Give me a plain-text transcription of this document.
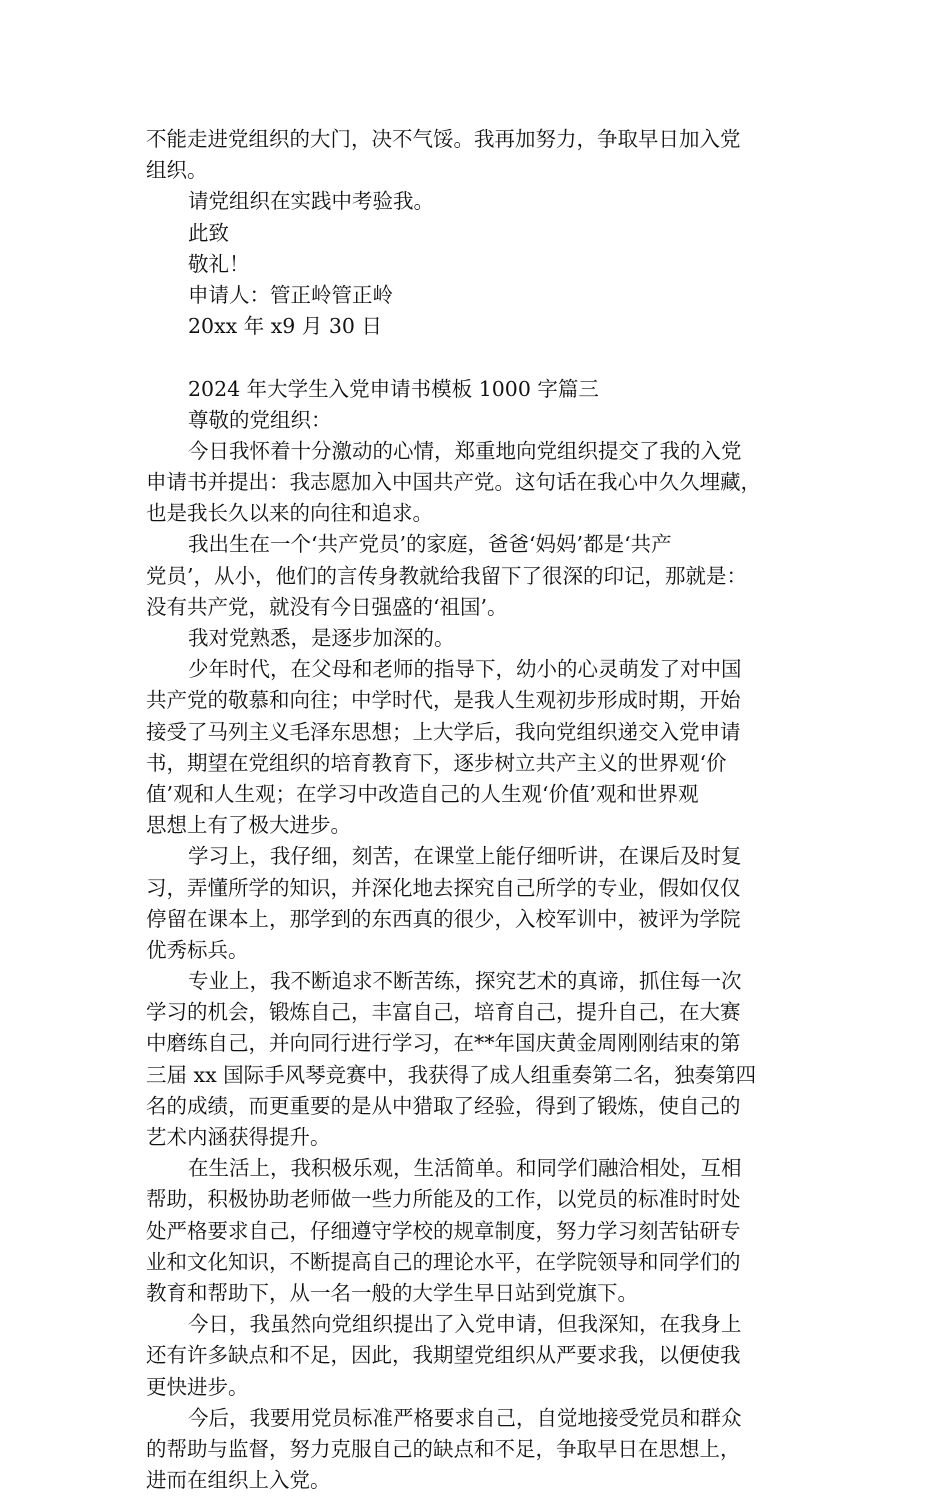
不能走进党组织的大门，决不气馁。我再加努力，争取早日加入党
组织。
请党组织在实践中考验我。
此致
敬礼！
申请人：管正岭管正岭
20xx 年 x9 月 30 日
2024 年大学生入党申请书模板 1000 字篇三
尊敬的党组织：
今日我怀着十分激动的心情，郑重地向党组织提交了我的入党
申请书并提出：我志愿加入中国共产党。这句话在我心中久久埋藏，
也是我长久以来的向往和追求。
我出生在一个‘共产党员’的家庭，爸爸‘妈妈’都是‘共产
党员’，从小，他们的言传身教就给我留下了很深的印记，那就是：
没有共产党，就没有今日强盛的‘祖国’。
我对党熟悉，是逐步加深的。
少年时代，在父母和老师的指导下，幼小的心灵萌发了对中国
共产党的敬慕和向往；中学时代，是我人生观初步形成时期，开始
接受了马列主义毛泽东思想；上大学后，我向党组织递交入党申请
书，期望在党组织的培育教育下，逐步树立共产主义的世界观‘价
值’观和人生观；在学习中改造自己的人生观‘价值’观和世界观
思想上有了极大进步。
学习上，我仔细，刻苦，在课堂上能仔细听讲，在课后及时复
习，弄懂所学的知识，并深化地去探究自己所学的专业，假如仅仅
停留在课本上，那学到的东西真的很少，入校军训中，被评为学院
优秀标兵。
专业上，我不断追求不断苦练，探究艺术的真谛，抓住每一次
学习的机会，锻炼自己，丰富自己，培育自己，提升自己，在大赛
中磨练自己，并向同行进行学习，在**年国庆黄金周刚刚结束的第
三届 xx 国际手风琴竞赛中，我获得了成人组重奏第二名，独奏第四
名的成绩，而更重要的是从中猎取了经验，得到了锻炼，使自己的
艺术内涵获得提升。
在生活上，我积极乐观，生活简单。和同学们融洽相处，互相
帮助，积极协助老师做一些力所能及的工作，以党员的标准时时处
处严格要求自己，仔细遵守学校的规章制度，努力学习刻苦钻研专
业和文化知识，不断提高自己的理论水平，在学院领导和同学们的
教育和帮助下，从一名一般的大学生早日站到党旗下。
今日，我虽然向党组织提出了入党申请，但我深知，在我身上
还有许多缺点和不足，因此，我期望党组织从严要求我，以便使我
更快进步。
今后，我要用党员标准严格要求自己，自觉地接受党员和群众
的帮助与监督，努力克服自己的缺点和不足，争取早日在思想上，
进而在组织上入党。
